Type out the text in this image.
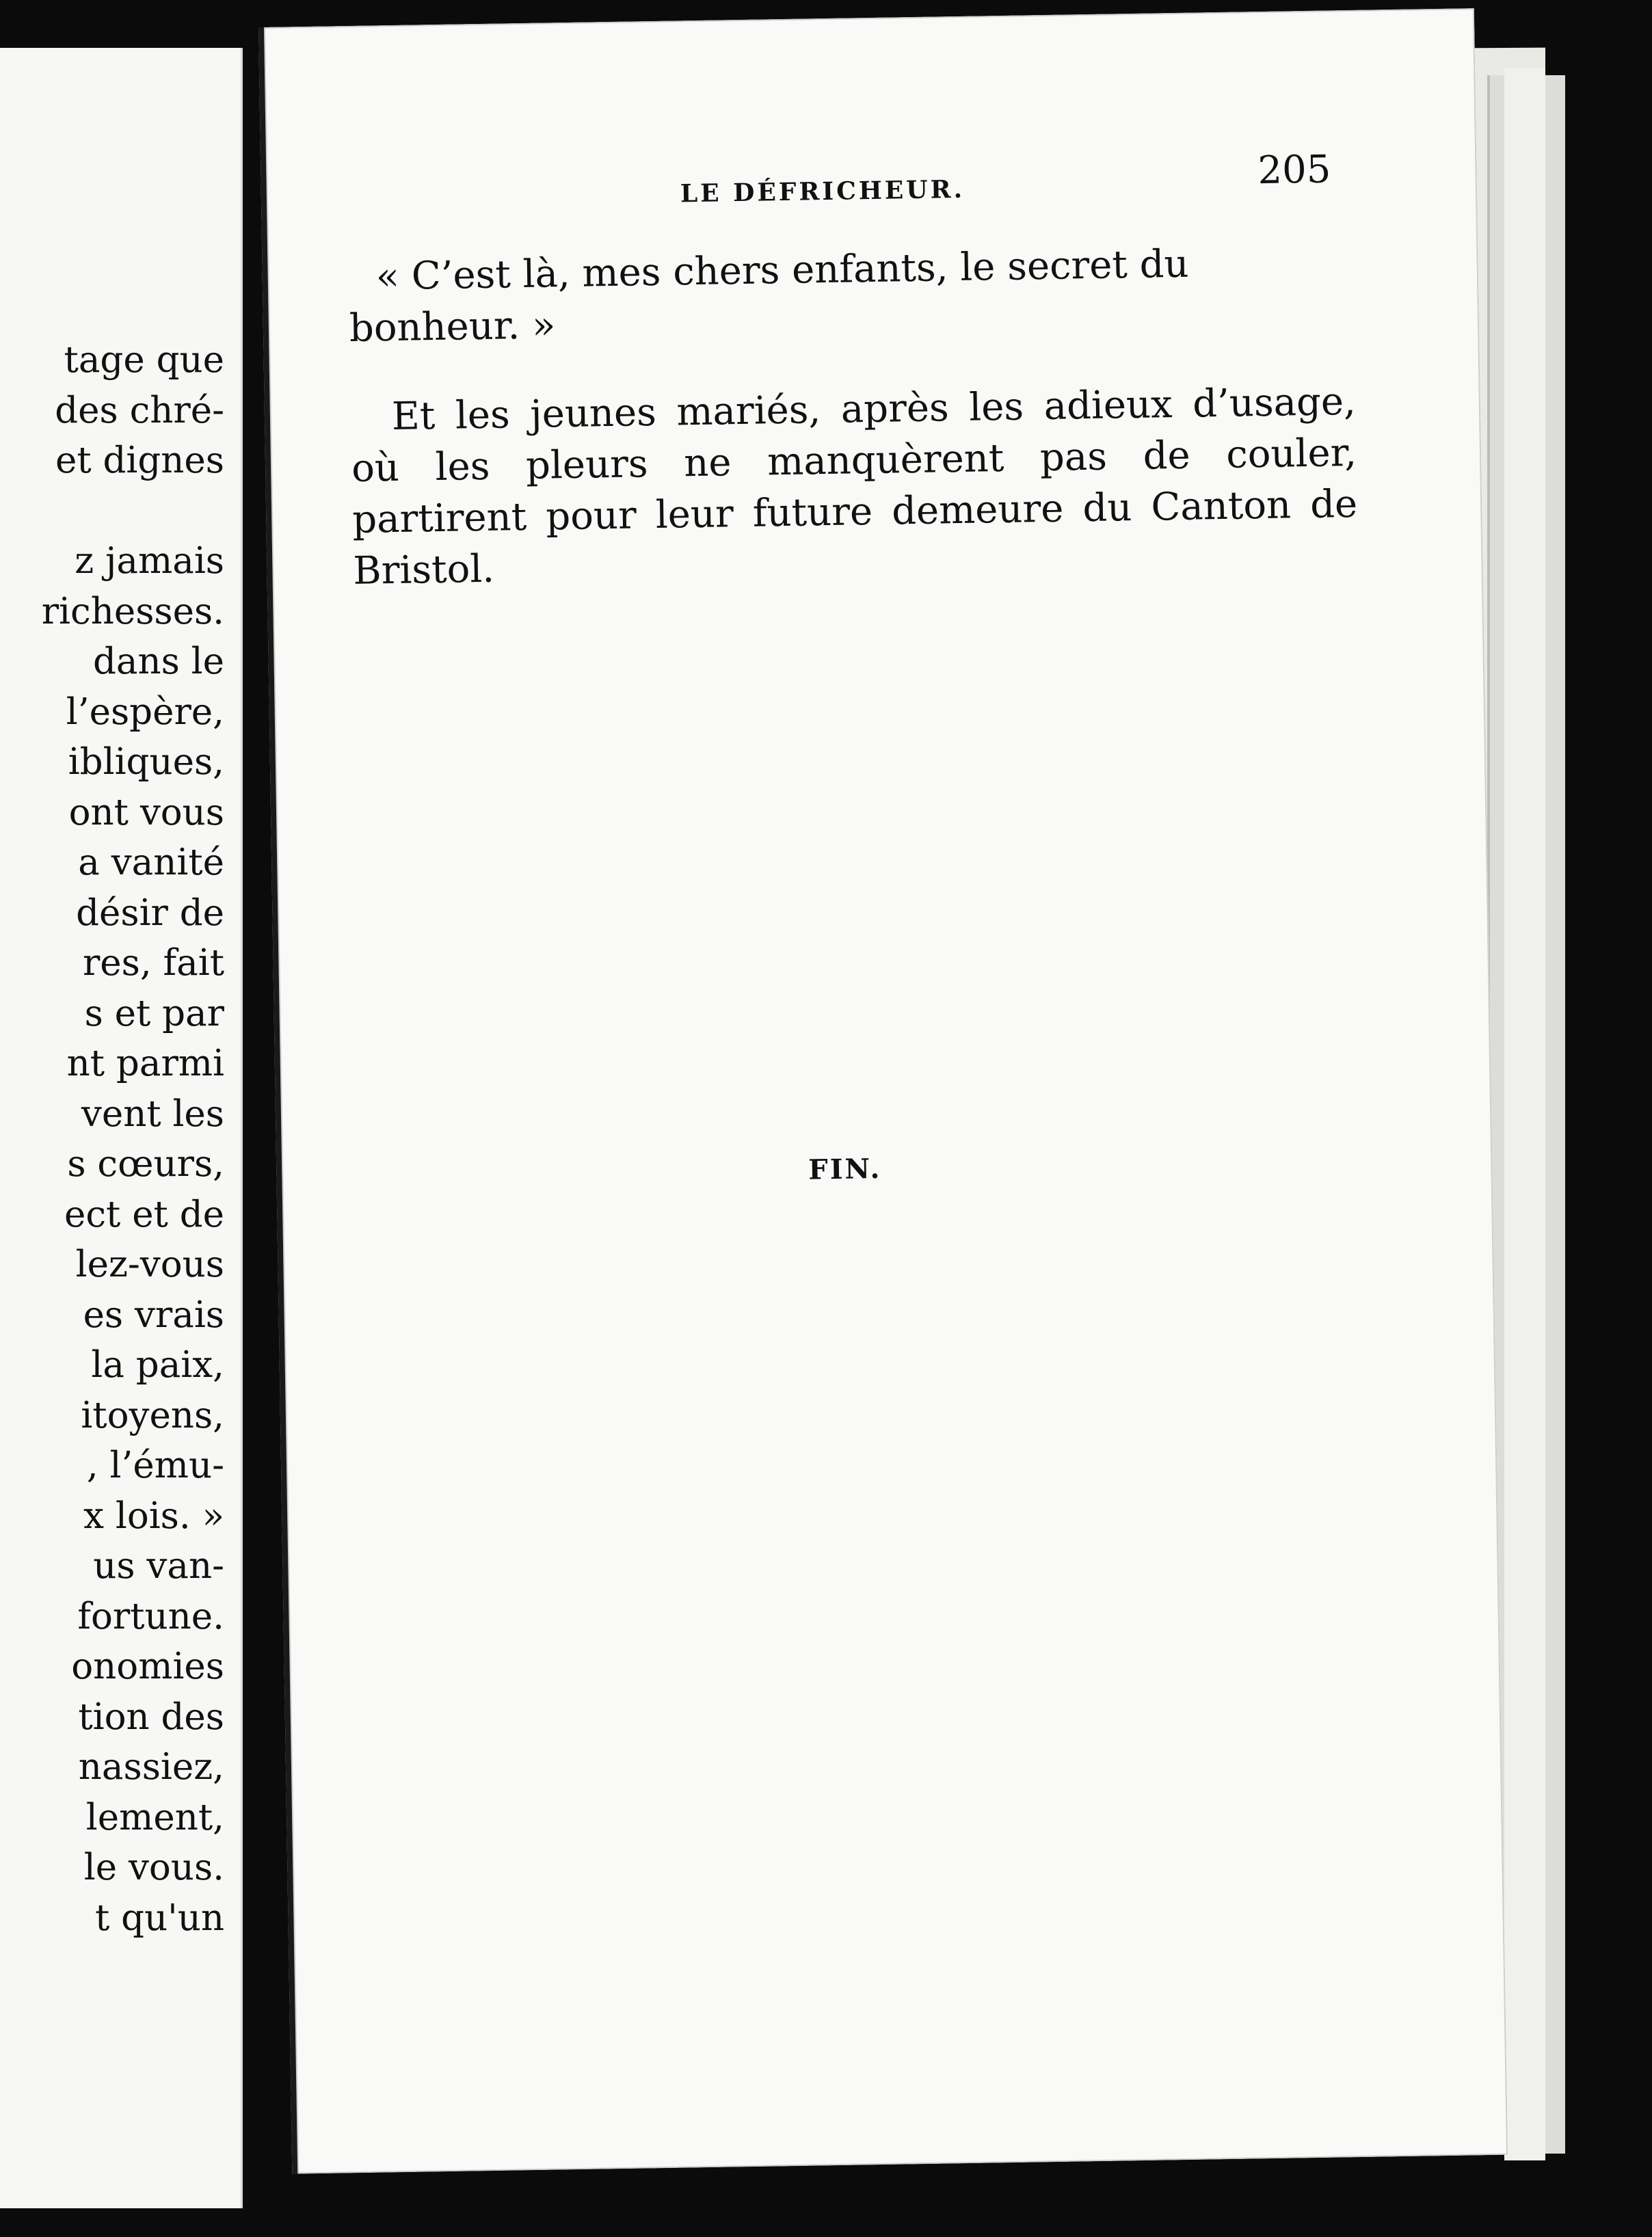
tage que
des chré-
et dignes
z jamais
richesses.
dans le
l’espère,
ibliques,
ont vous
a vanité
désir de
res, fait
s et par
nt parmi
vent les
s cœurs,
ect et de
lez-vous
es vrais
la paix,
itoyens,
, l’ému-
x lois. »
us van-
fortune.
onomies
tion des
nassiez,
lement,
le vous.
t qu'un
LE DÉFRICHEUR.	205

« C’est là, mes chers enfants, le secret du bonheur. »

Et les jeunes mariés, après les adieux d’usage, où les pleurs ne manquèrent pas de couler, partirent pour leur future demeure du Canton de Bristol.

FIN.
